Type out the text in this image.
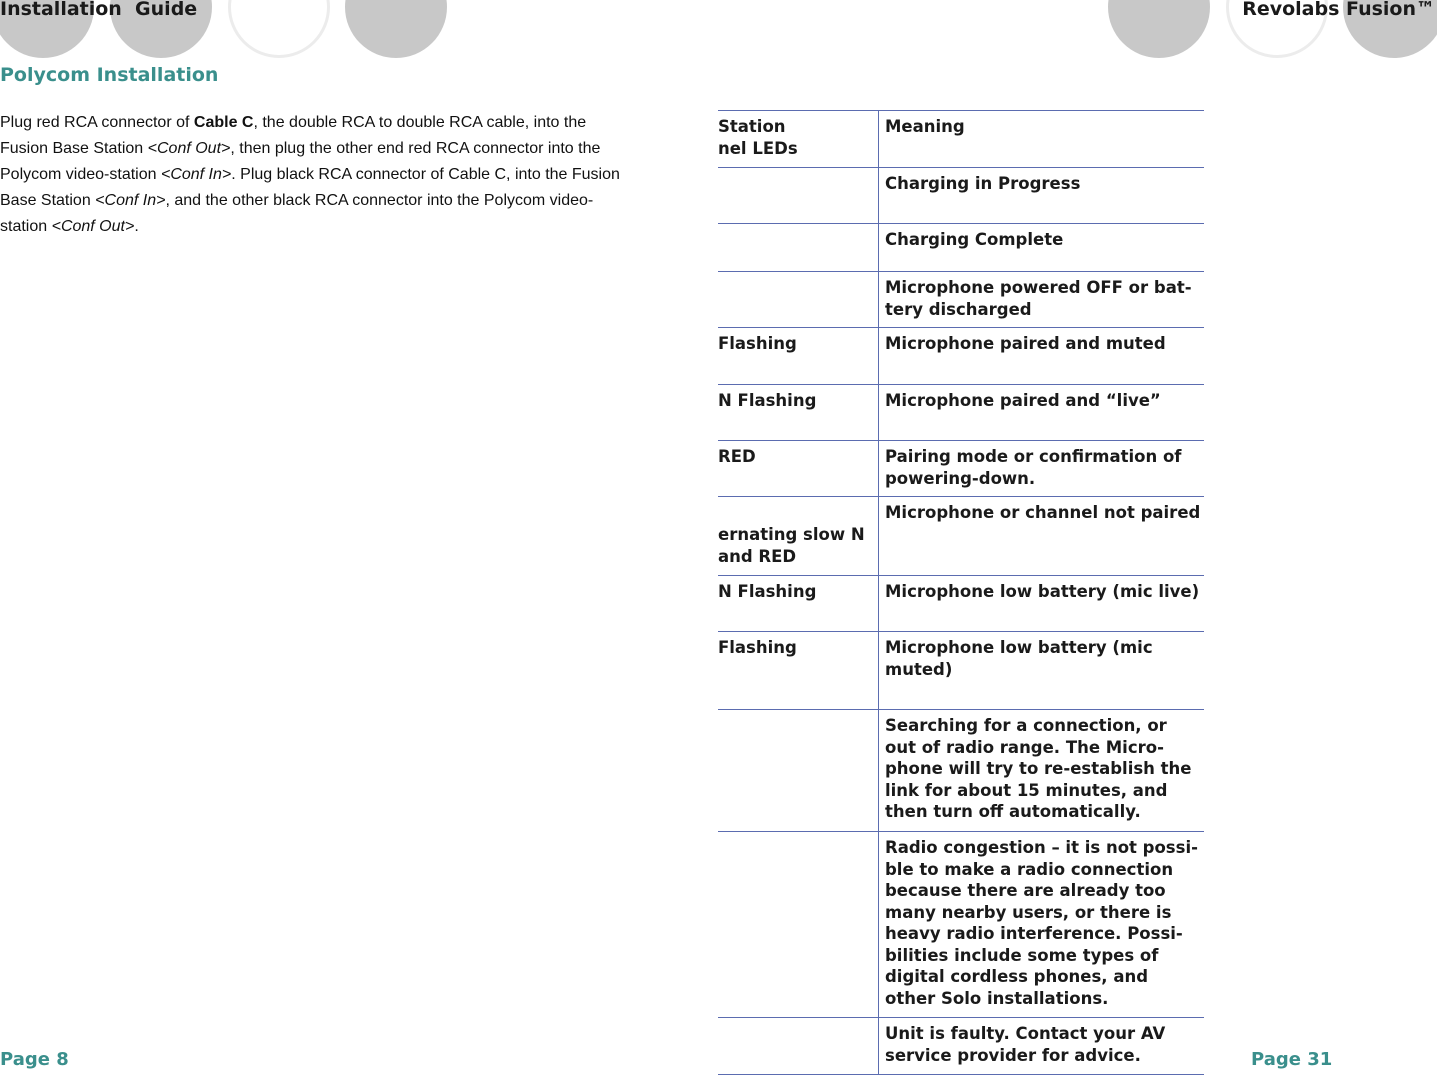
Installation  Guide	Revolabs Fusion™
Polycom Installation

Plug red RCA connector of Cable C, the double RCA to double RCA cable, into the Fusion Base Station <Conf Out>, then plug the other end red RCA connector into the Polycom video-station <Conf In>. Plug black RCA connector of Cable C, into the Fusion Base Station <Conf In>, and the other black RCA connector into the Polycom video-station <Conf Out>.

Page 8	Page 31
Station
nel LEDs	Meaning
	Charging in Progress
	Charging Complete
	Microphone powered OFF or bat-tery discharged
Flashing	Microphone paired and muted
N Flashing	Microphone paired and “live”
RED	Pairing mode or confirmation of powering-down.
ernating slow N and RED	Microphone or channel not paired
N Flashing	Microphone low battery (mic live)
Flashing	Microphone low battery (mic muted)
	Searching for a connection, or out of radio range. The Micro-phone will try to re-establish the link for about 15 minutes, and then turn off automatically.
	Radio congestion – it is not possi-ble to make a radio connection because there are already too many nearby users, or there is heavy radio interference. Possi-bilities include some types of digital cordless phones, and other Solo installations.
	Unit is faulty. Contact your AV service provider for advice.
